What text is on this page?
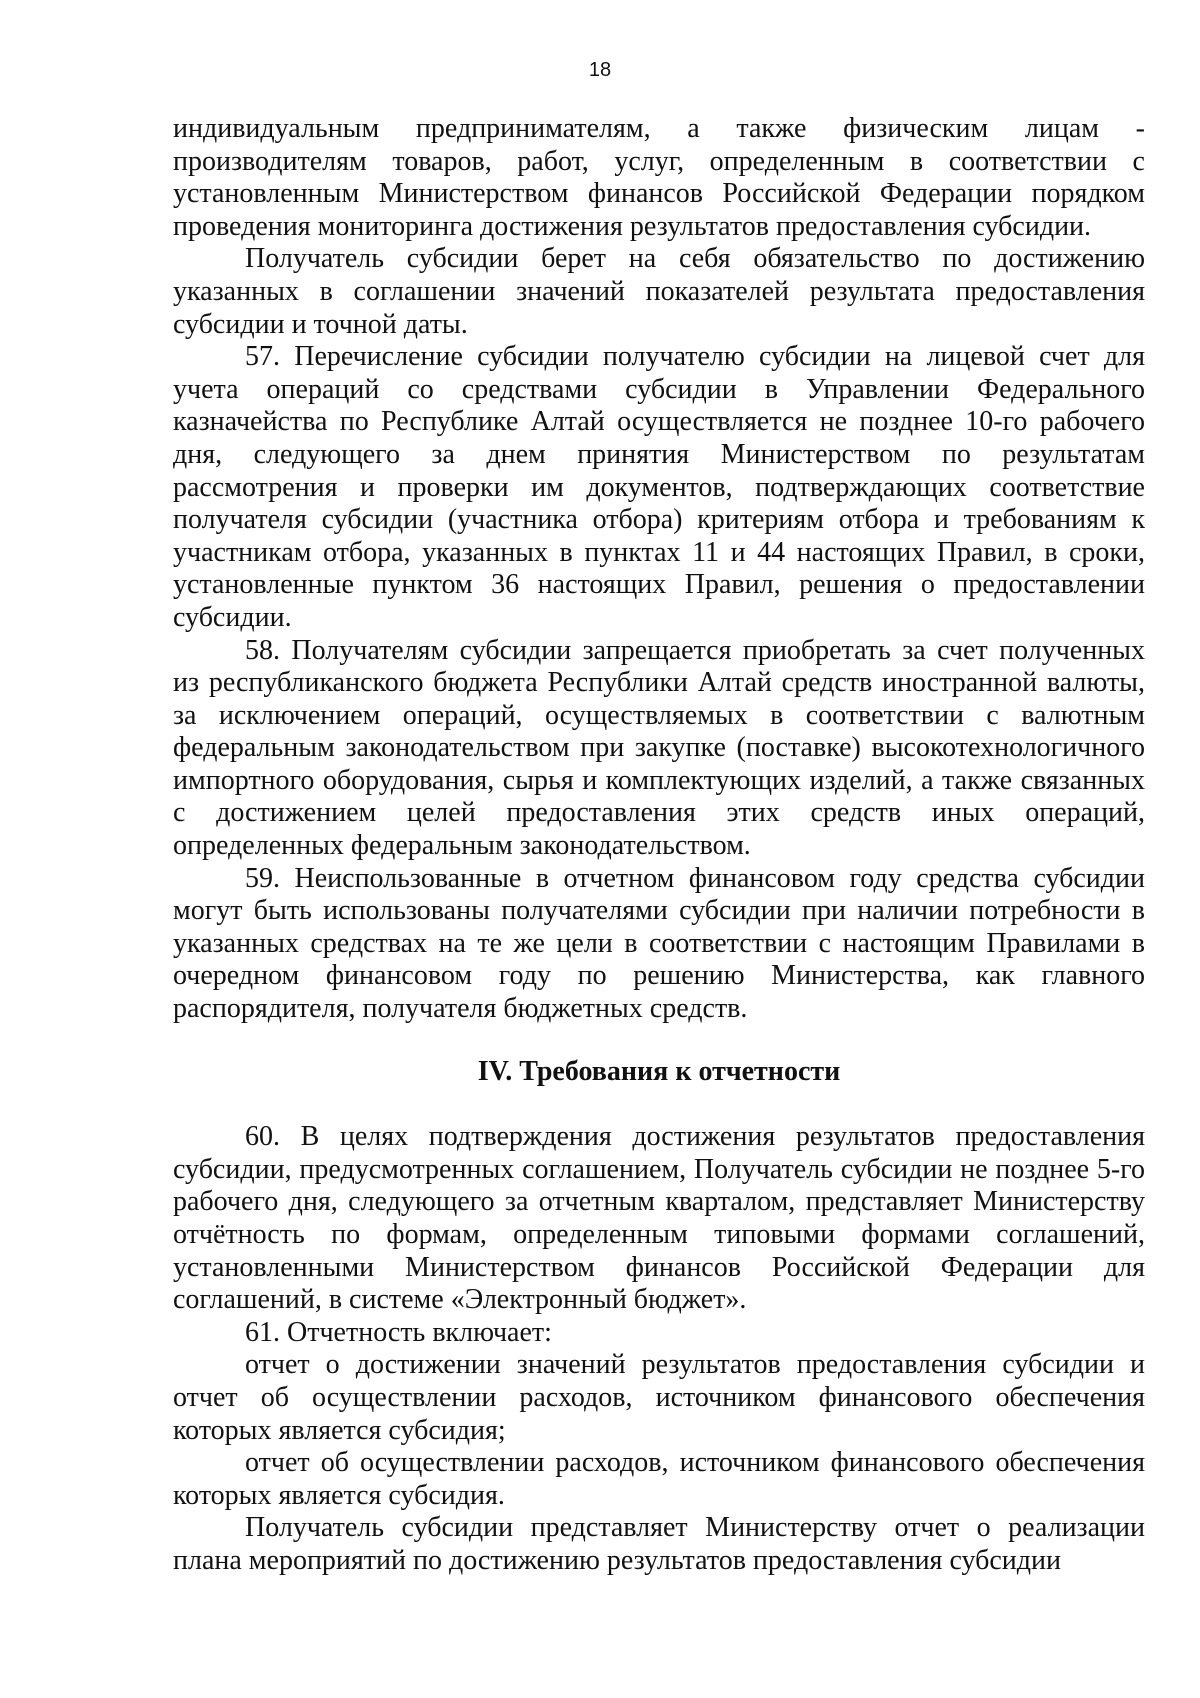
18

индивидуальным предпринимателям, а также физическим лицам - производителям товаров, работ, услуг, определенным в соответствии с установленным Министерством финансов Российской Федерации порядком проведения мониторинга достижения результатов предоставления субсидии.

Получатель субсидии берет на себя обязательство по достижению указанных в соглашении значений показателей результата предоставления субсидии и точной даты.

57. Перечисление субсидии получателю субсидии на лицевой счет для учета операций со средствами субсидии в Управлении Федерального казначейства по Республике Алтай осуществляется не позднее 10-го рабочего дня, следующего за днем принятия Министерством по результатам рассмотрения и проверки им документов, подтверждающих соответствие получателя субсидии (участника отбора) критериям отбора и требованиям к участникам отбора, указанных в пунктах 11 и 44 настоящих Правил, в сроки, установленные пунктом 36 настоящих Правил, решения о предоставлении субсидии.

58. Получателям субсидии запрещается приобретать за счет полученных из республиканского бюджета Республики Алтай средств иностранной валюты, за исключением операций, осуществляемых в соответствии с валютным федеральным законодательством при закупке (поставке) высокотехнологичного импортного оборудования, сырья и комплектующих изделий, а также связанных с достижением целей предоставления этих средств иных операций, определенных федеральным законодательством.

59. Неиспользованные в отчетном финансовом году средства субсидии могут быть использованы получателями субсидии при наличии потребности в указанных средствах на те же цели в соответствии с настоящим Правилами в очередном финансовом году по решению Министерства, как главного распорядителя, получателя бюджетных средств.

IV. Требования к отчетности

60. В целях подтверждения достижения результатов предоставления субсидии, предусмотренных соглашением, Получатель субсидии не позднее 5-го рабочего дня, следующего за отчетным кварталом, представляет Министерству отчётность по формам, определенным типовыми формами соглашений, установленными Министерством финансов Российской Федерации для соглашений, в системе «Электронный бюджет».

61. Отчетность включает:

отчет о достижении значений результатов предоставления субсидии и отчет об осуществлении расходов, источником финансового обеспечения которых является субсидия;

отчет об осуществлении расходов, источником финансового обеспечения которых является субсидия.

Получатель субсидии представляет Министерству отчет о реализации плана мероприятий по достижению результатов предоставления субсидии
